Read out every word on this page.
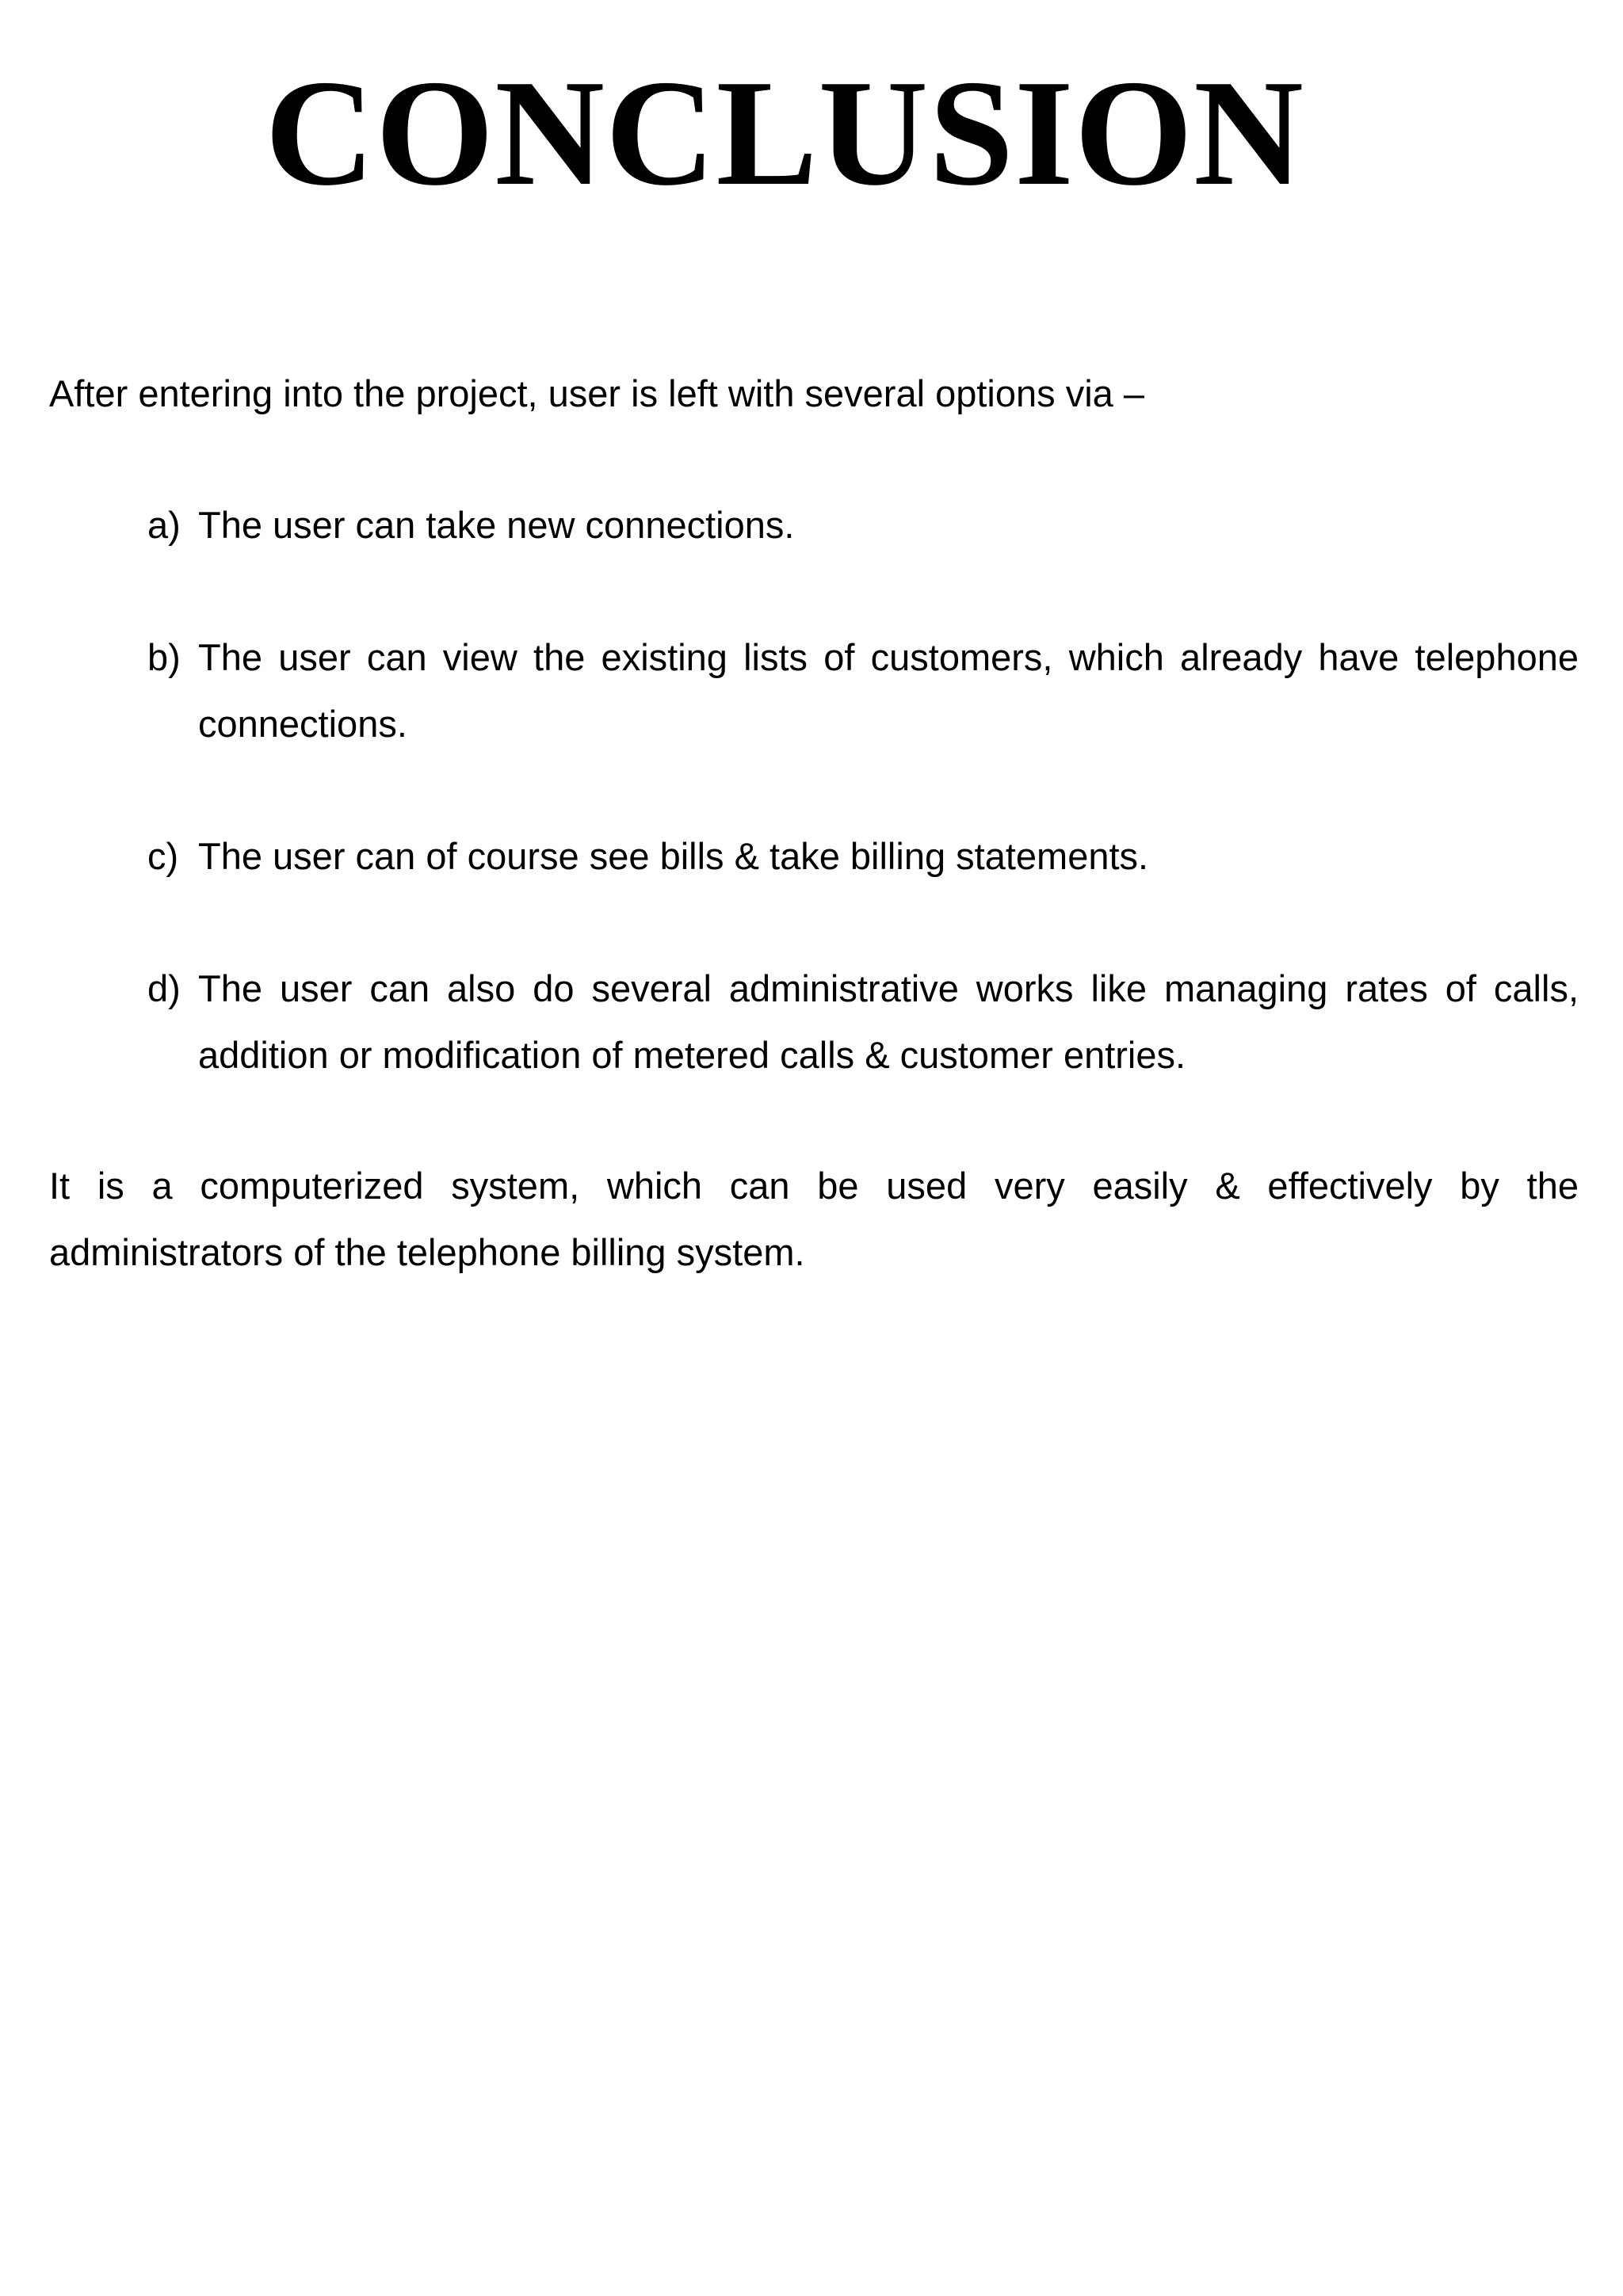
CONCLUSION

After entering into the project, user is left with several options via –

a) The user can take new connections.
b) The user can view the existing lists of customers, which already have telephone connections.
c) The user can of course see bills & take billing statements.
d) The user can also do several administrative works like managing rates of calls, addition or modification of metered calls & customer entries.

It is a computerized system, which can be used very easily & effectively by the administrators of the telephone billing system.
